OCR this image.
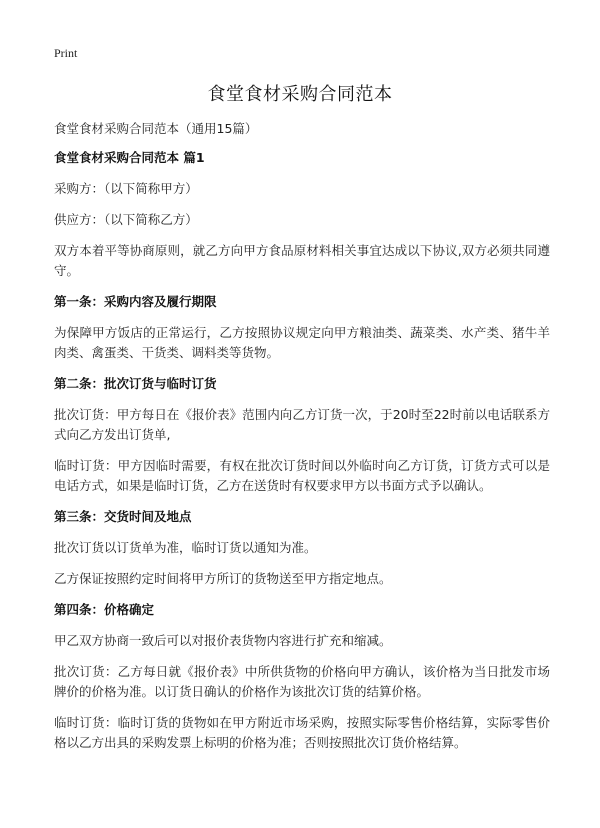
Print
食堂食材采购合同范本

食堂食材采购合同范本（通用15篇）

食堂食材采购合同范本 篇1

采购方：（以下简称甲方）

供应方：（以下简称乙方）

双方本着平等协商原则，就乙方向甲方食品原材料相关事宜达成以下协议,双方必须共同遵守。

第一条：采购内容及履行期限

为保障甲方饭店的正常运行，乙方按照协议规定向甲方粮油类、蔬菜类、水产类、猪牛羊肉类、禽蛋类、干货类、调料类等货物。

第二条：批次订货与临时订货

批次订货：甲方每日在《报价表》范围内向乙方订货一次，于20时至22时前以电话联系方式向乙方发出订货单,

临时订货：甲方因临时需要，有权在批次订货时间以外临时向乙方订货，订货方式可以是电话方式，如果是临时订货，乙方在送货时有权要求甲方以书面方式予以确认。

第三条：交货时间及地点

批次订货以订货单为准，临时订货以通知为准。

乙方保证按照约定时间将甲方所订的货物送至甲方指定地点。

第四条：价格确定

甲乙双方协商一致后可以对报价表货物内容进行扩充和缩减。

批次订货：乙方每日就《报价表》中所供货物的价格向甲方确认，该价格为当日批发市场牌价的价格为准。以订货日确认的价格作为该批次订货的结算价格。

临时订货：临时订货的货物如在甲方附近市场采购，按照实际零售价格结算，实际零售价格以乙方出具的采购发票上标明的价格为准；否则按照批次订货价格结算。
